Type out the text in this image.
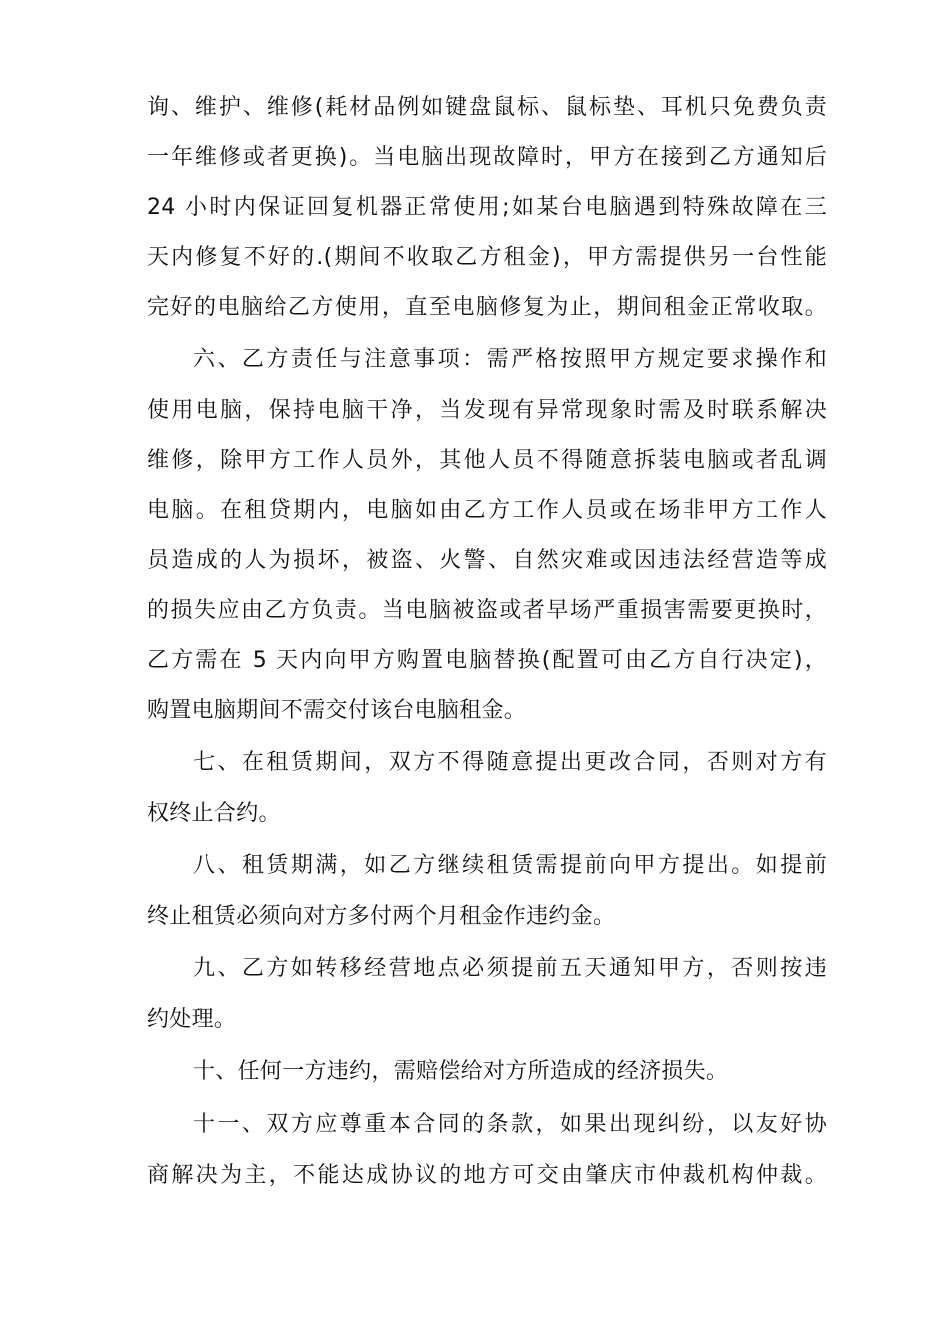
询、维护、维修(耗材品例如键盘鼠标、鼠标垫、耳机只免费负责
一年维修或者更换)。当电脑出现故障时，甲方在接到乙方通知后
24 小时内保证回复机器正常使用;如某台电脑遇到特殊故障在三
天内修复不好的.(期间不收取乙方租金)，甲方需提供另一台性能
完好的电脑给乙方使用，直至电脑修复为止，期间租金正常收取。
六、乙方责任与注意事项：需严格按照甲方规定要求操作和
使用电脑，保持电脑干净，当发现有异常现象时需及时联系解决
维修，除甲方工作人员外，其他人员不得随意拆装电脑或者乱调
电脑。在租贷期内，电脑如由乙方工作人员或在场非甲方工作人
员造成的人为损坏，被盗、火警、自然灾难或因违法经营造等成
的损失应由乙方负责。当电脑被盗或者早场严重损害需要更换时，
乙方需在 5 天内向甲方购置电脑替换(配置可由乙方自行决定)，
购置电脑期间不需交付该台电脑租金。
七、在租赁期间，双方不得随意提出更改合同，否则对方有
权终止合约。
八、租赁期满，如乙方继续租赁需提前向甲方提出。如提前
终止租赁必须向对方多付两个月租金作违约金。
九、乙方如转移经营地点必须提前五天通知甲方，否则按违
约处理。
十、任何一方违约，需赔偿给对方所造成的经济损失。
十一、双方应尊重本合同的条款，如果出现纠纷，以友好协
商解决为主，不能达成协议的地方可交由肇庆市仲裁机构仲裁。
